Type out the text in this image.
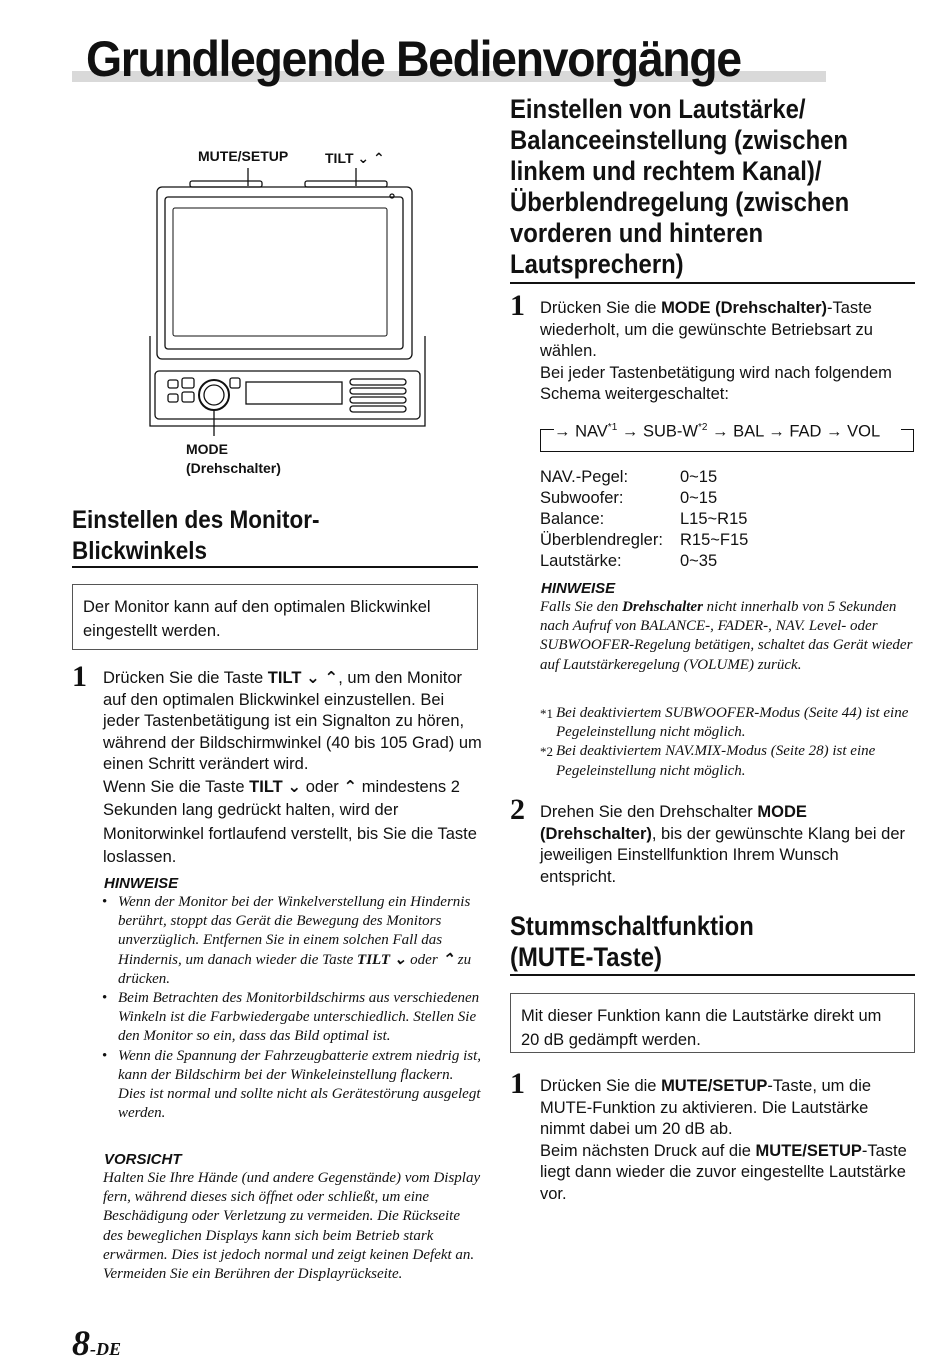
Grundlegende Bedienvorgänge
MUTE/SETUP	TILT ⌄ ⌃
MODE
(Drehschalter)
Einstellen des Monitor-
Blickwinkels
Der Monitor kann auf den optimalen Blickwinkel eingestellt werden.
1 Drücken Sie die Taste TILT ⌄ ⌃, um den Monitor auf den optimalen Blickwinkel einzustellen. Bei jeder Tastenbetätigung ist ein Signalton zu hören, während der Bildschirmwinkel (40 bis 105 Grad) um einen Schritt verändert wird.
Wenn Sie die Taste TILT ⌄ oder ⌃ mindestens 2 Sekunden lang gedrückt halten, wird der Monitorwinkel fortlaufend verstellt, bis Sie die Taste loslassen.
HINWEISE
• Wenn der Monitor bei der Winkelverstellung ein Hindernis berührt, stoppt das Gerät die Bewegung des Monitors unverzüglich. Entfernen Sie in einem solchen Fall das Hindernis, um danach wieder die Taste TILT ⌄ oder ⌃ zu drücken.
• Beim Betrachten des Monitorbildschirms aus verschiedenen Winkeln ist die Farbwiedergabe unterschiedlich. Stellen Sie den Monitor so ein, dass das Bild optimal ist.
• Wenn die Spannung der Fahrzeugbatterie extrem niedrig ist, kann der Bildschirm bei der Winkeleinstellung flackern. Dies ist normal und sollte nicht als Gerätestörung ausgelegt werden.
VORSICHT
Halten Sie Ihre Hände (und andere Gegenstände) vom Display fern, während dieses sich öffnet oder schließt, um eine Beschädigung oder Verletzung zu vermeiden. Die Rückseite des beweglichen Displays kann sich beim Betrieb stark erwärmen. Dies ist jedoch normal und zeigt keinen Defekt an. Vermeiden Sie ein Berühren der Displayrückseite.
8-DE
Einstellen von Lautstärke/
Balanceeinstellung (zwischen
linkem und rechtem Kanal)/
Überblendregelung (zwischen
vorderen und hinteren
Lautsprechern)
1 Drücken Sie die MODE (Drehschalter)-Taste wiederholt, um die gewünschte Betriebsart zu wählen.
Bei jeder Tastenbetätigung wird nach folgendem Schema weitergeschaltet:
→ $NAV^{*1} \to SUB-W^{*2}$ → BAL → FAD → VOL
NAV.-Pegel:	0~15
Subwoofer:	0~15
Balance:	L15~R15
Überblendregler:	R15~F15
Lautstärke:	0~35
HINWEISE
Falls Sie den Drehschalter nicht innerhalb von 5 Sekunden nach Aufruf von BALANCE-, FADER-, NAV. Level- oder SUBWOOFER-Regelung betätigen, schaltet das Gerät wieder auf Lautstärkeregelung (VOLUME) zurück.
*1 Bei deaktiviertem SUBWOOFER-Modus (Seite 44) ist eine Pegeleinstellung nicht möglich.
*2 Bei deaktiviertem NAV.MIX-Modus (Seite 28) ist eine Pegeleinstellung nicht möglich.
2 Drehen Sie den Drehschalter MODE (Drehschalter), bis der gewünschte Klang bei der jeweiligen Einstellfunktion Ihrem Wunsch entspricht.
Stummschaltfunktion
(MUTE-Taste)
Mit dieser Funktion kann die Lautstärke direkt um 20 dB gedämpft werden.
1 Drücken Sie die MUTE/SETUP-Taste, um die MUTE-Funktion zu aktivieren. Die Lautstärke nimmt dabei um 20 dB ab.
Beim nächsten Druck auf die MUTE/SETUP-Taste liegt dann wieder die zuvor eingestellte Lautstärke vor.
